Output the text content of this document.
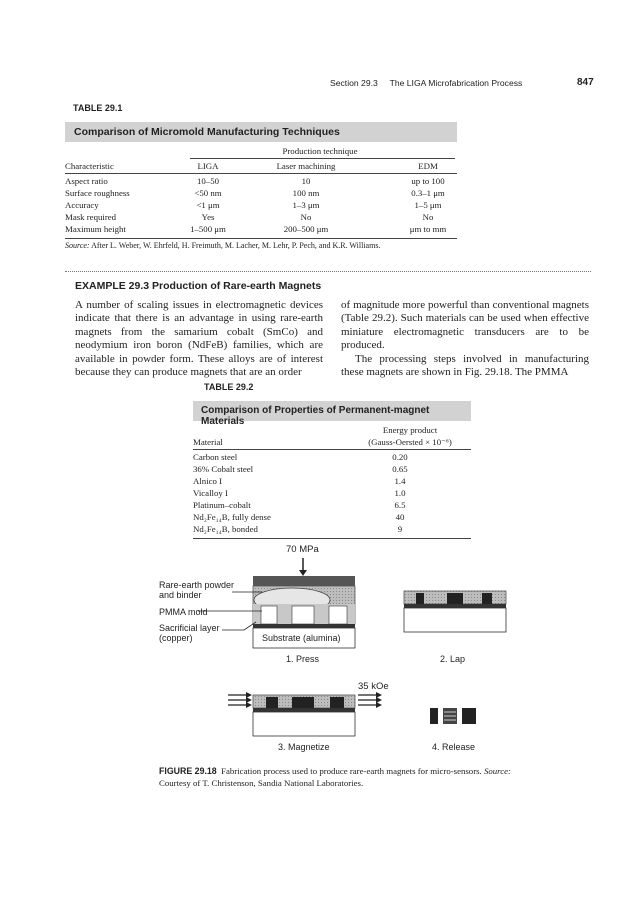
Section 29.3 The LIGA Microfabrication Process	847
TABLE 29.1
Comparison of Micromold Manufacturing Techniques
Production technique
Characteristic	LIGA	Laser machining	EDM
Aspect ratio	10–50	10	up to 100
Surface roughness	<50 nm	100 nm	0.3–1 μm
Accuracy	<1 μm	1–3 μm	1–5 μm
Mask required	Yes	No	No
Maximum height	1–500 μm	200–500 μm	μm to mm
Source: After L. Weber, W. Ehrfeld, H. Freimuth, M. Lacher, M. Lehr, P. Pech, and K.R. Williams.
EXAMPLE 29.3 Production of Rare-earth Magnets
A number of scaling issues in electromagnetic devices indicate that there is an advantage in using rare-earth magnets from the samarium cobalt (SmCo) and neodymium iron boron (NdFeB) families, which are available in powder form. These alloys are of interest because they can produce magnets that are an order
of magnitude more powerful than conventional magnets (Table 29.2). Such materials can be used when effective miniature electromagnetic transducers are to be produced.
The processing steps involved in manufacturing these magnets are shown in Fig. 29.18. The PMMA
TABLE 29.2
Comparison of Properties of Permanent-magnet Materials
Energy product
Material	(Gauss-Oersted × 10⁻⁶)
Carbon steel	0.20
36% Cobalt steel	0.65
Alnico I	1.4
Vicalloy I	1.0
Platinum–cobalt	6.5
Nd₂Fe₁₄B, fully dense	40
Nd₂Fe₁₄B, bonded	9
70 MPa
Rare-earth powder
and binder
PMMA mold
Sacrificial layer
(copper)	Substrate (alumina)
1. Press	2. Lap
35 kOe
3. Magnetize	4. Release
FIGURE 29.18 Fabrication process used to produce rare-earth magnets for micro-sensors. Source: Courtesy of T. Christenson, Sandia National Laboratories.
